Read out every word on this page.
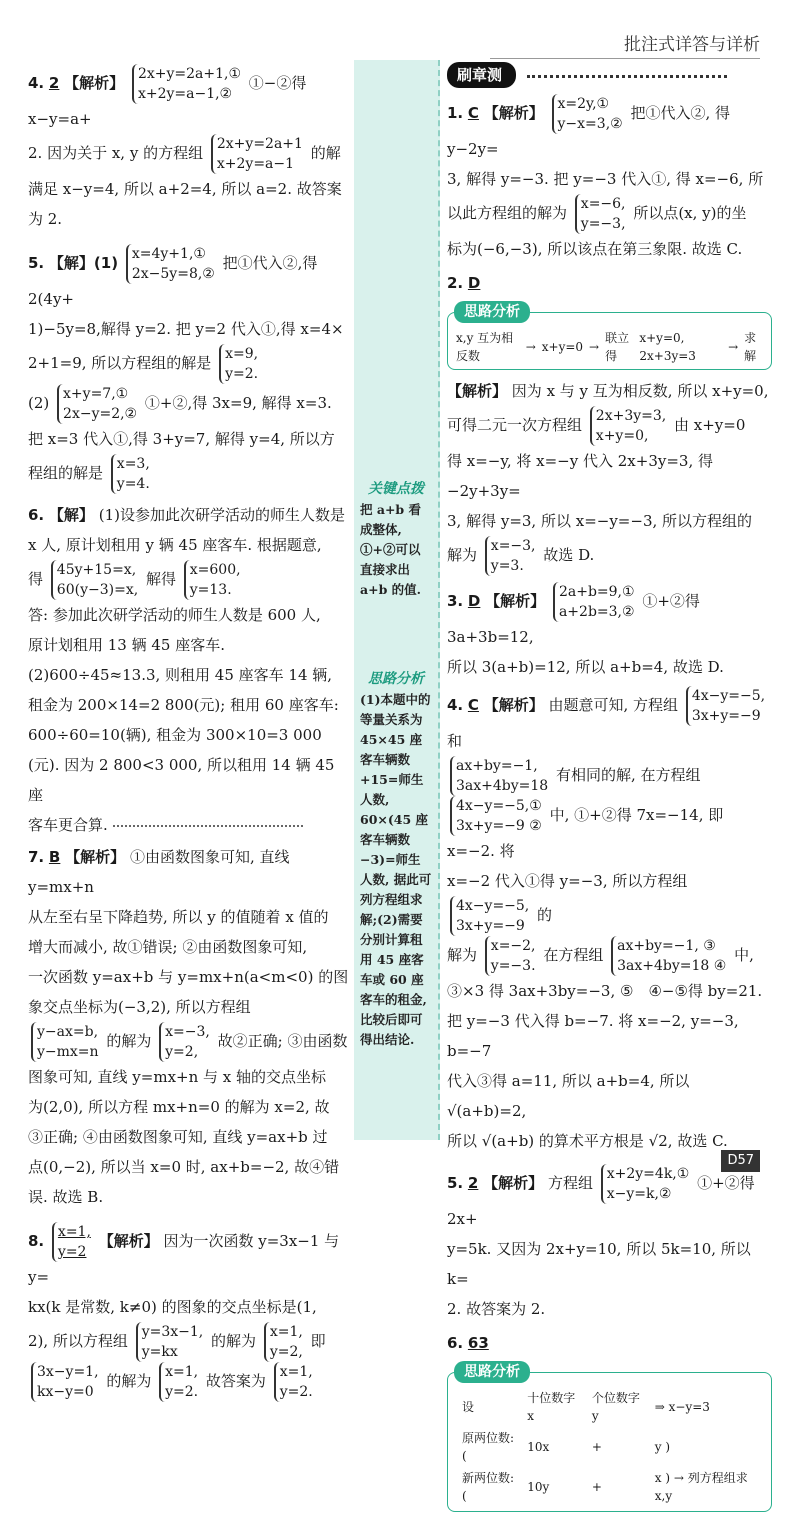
批注式详答与详析
4. 2 【解析】 2x+y=2a+1,①
x+2y=a−1,②
①−②得 x−y=a+
2. 因为关于 x, y 的方程组 2x+y=2a+1
x+2y=a−1
的解
满足 x−y=4, 所以 a+2=4, 所以 a=2. 故答案
为 2.
5. 【解】(1) x=4y+1,①
2x−5y=8,②
把①代入②,得 2(4y+
1)−5y=8,解得 y=2. 把 y=2 代入①,得 x=4×
2+1=9, 所以方程组的解是 x=9,
y=2.

(2) x+y=7,①
2x−y=2,②
①+②,得 3x=9, 解得 x=3.
把 x=3 代入①,得 3+y=7, 解得 y=4, 所以方
程组的解是 x=3,
y=4.
6. 【解】 (1)设参加此次研学活动的师生人数是
x 人, 原计划租用 y 辆 45 座客车. 根据题意,
得 45y+15=x,
60(y−3)=x,
解得 x=600,
y=13.

答: 参加此次研学活动的师生人数是 600 人,
原计划租用 13 辆 45 座客车.
(2)600÷45≈13.3, 则租用 45 座客车 14 辆,
租金为 200×14=2 800(元); 租用 60 座客车:
600÷60=10(辆), 租金为 300×10=3 000
(元). 因为 2 800<3 000, 所以租用 14 辆 45 座
客车更合算.
7. B 【解析】 ①由函数图象可知, 直线 y=mx+n
从左至右呈下降趋势, 所以 y 的值随着 x 值的
增大而减小, 故①错误; ②由函数图象可知,
一次函数 y=ax+b 与 y=mx+n(a<m<0) 的图
象交点坐标为(−3,2), 所以方程组

y−ax=b,
y−mx=n
的解为 x=−3,
y=2,
故②正确; ③由函数
图象可知, 直线 y=mx+n 与 x 轴的交点坐标
为(2,0), 所以方程 mx+n=0 的解为 x=2, 故
③正确; ④由函数图象可知, 直线 y=ax+b 过
点(0,−2), 所以当 x=0 时, ax+b=−2, 故④错
误. 故选 B.
8. x=1,
y=2
【解析】 因为一次函数 y=3x−1 与 y=
kx(k 是常数, k≠0) 的图象的交点坐标是(1,
2), 所以方程组 y=3x−1,
y=kx
的解为 x=1,
y=2,
即

3x−y=1,
kx−y=0
的解为 x=1,
y=2.
故答案为 x=1,
y=2.
关键点拨
把 a+b 看成整体, ①+②可以直接求出 a+b 的值.
思路分析
(1)本题中的等量关系为 45×45 座客车辆数+15=师生人数, 60×(45 座客车辆数−3)=师生人数, 据此可列方程组求解;(2)需要分别计算租用 45 座客车或 60 座客车的租金, 比较后即可得出结论.
刷章测
1. C 【解析】 x=2y,①
y−x=3,②
把①代入②, 得 y−2y=
3, 解得 y=−3. 把 y=−3 代入①, 得 x=−6, 所
以此方程组的解为 x=−6,
y=−3,
所以点(x, y)的坐
标为(−6,−3), 所以该点在第三象限. 故选 C.
2. D
思路分析
x,y 互为相反数
→ x+y=0 →
联立得
x+y=0, 2x+3y=3
→
求解
【解析】 因为 x 与 y 互为相反数, 所以 x+y=0,
可得二元一次方程组 2x+3y=3,
x+y=0,
由 x+y=0
得 x=−y, 将 x=−y 代入 2x+3y=3, 得 −2y+3y=
3, 解得 y=3, 所以 x=−y=−3, 所以方程组的
解为 x=−3,
y=3.
故选 D.
3. D 【解析】 2a+b=9,①
a+2b=3,②
①+②得 3a+3b=12,
所以 3(a+b)=12, 所以 a+b=4, 故选 D.
4. C 【解析】 由题意可知, 方程组 4x−y=−5,
3x+y=−9
和

ax+by=−1,
3ax+4by=18
有相同的解, 在方程组

4x−y=−5,①
3x+y=−9 ②
中, ①+②得 7x=−14, 即 x=−2. 将
x=−2 代入①得 y=−3, 所以方程组
4x−y=−5,
3x+y=−9
的
解为 x=−2,
y=−3.
在方程组 ax+by=−1, ③
3ax+4by=18 ④
中,
③×3 得 3ax+3by=−3, ⑤　④−⑤得 by=21.
把 y=−3 代入得 b=−7. 将 x=−2, y=−3, b=−7
代入③得 a=11, 所以 a+b=4, 所以 √(a+b)=2,
所以 √(a+b) 的算术平方根是 √2, 故选 C.
5. 2 【解析】 方程组 x+2y=4k,①
x−y=k,②
①+②得 2x+
y=5k. 又因为 2x+y=10, 所以 5k=10, 所以 k=
2. 故答案为 2.
6. 63
思路分析
设	十位数字 x	个位数字 y	⇒ x−y=3
原两位数: (	10x	+	y )
新两位数: (	10y	+	x ) → 列方程组求 x,y
D57
